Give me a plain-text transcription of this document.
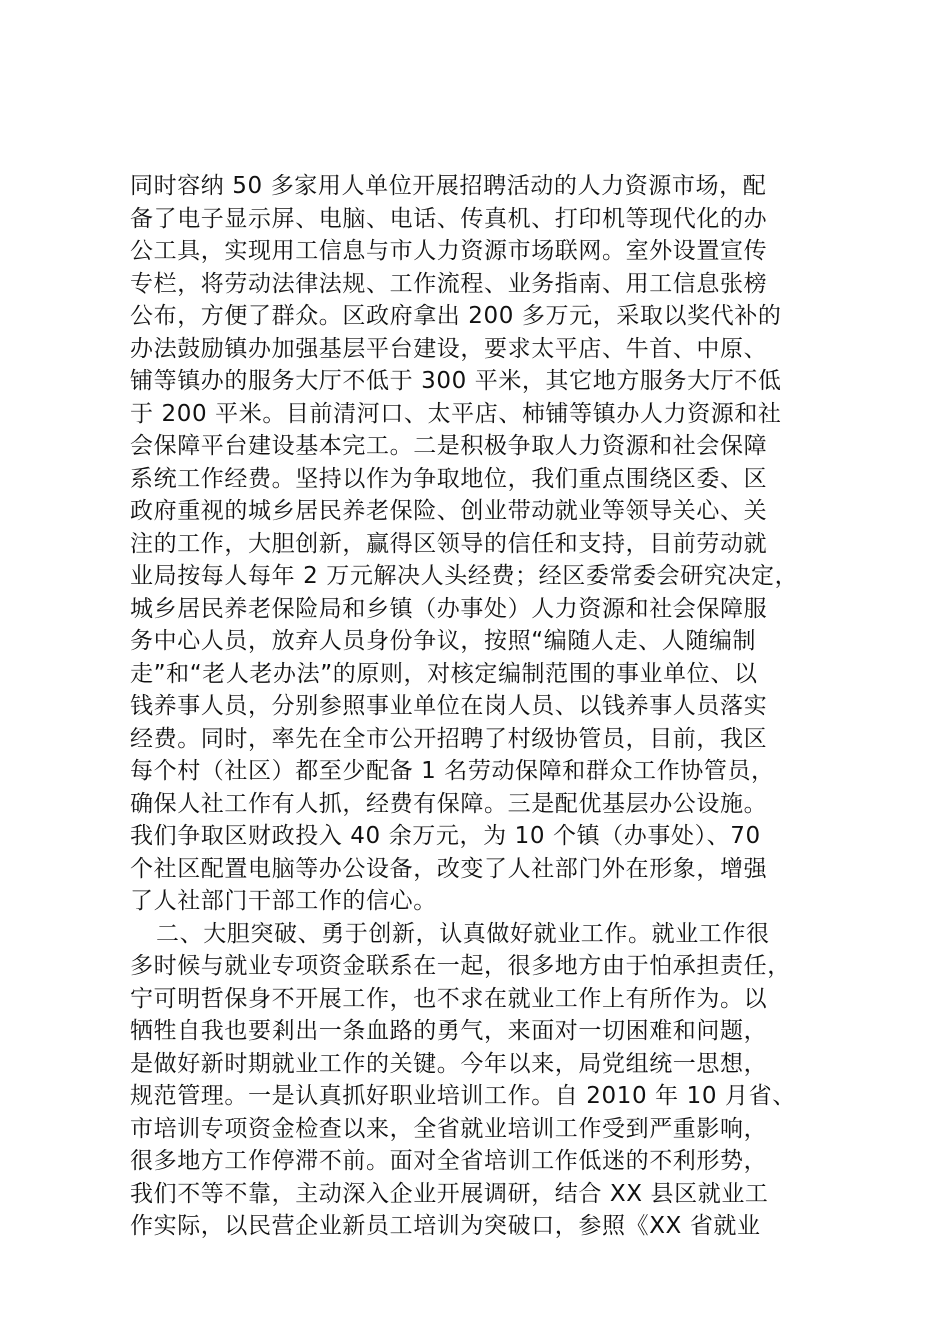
同时容纳 50 多家用人单位开展招聘活动的人力资源市场，配
备了电子显示屏、电脑、电话、传真机、打印机等现代化的办
公工具，实现用工信息与市人力资源市场联网。室外设置宣传
专栏，将劳动法律法规、工作流程、业务指南、用工信息张榜
公布，方便了群众。区政府拿出 200 多万元，采取以奖代补的
办法鼓励镇办加强基层平台建设，要求太平店、牛首、中原、
铺等镇办的服务大厅不低于 300 平米，其它地方服务大厅不低
于 200 平米。目前清河口、太平店、柿铺等镇办人力资源和社
会保障平台建设基本完工。二是积极争取人力资源和社会保障
系统工作经费。坚持以作为争取地位，我们重点围绕区委、区
政府重视的城乡居民养老保险、创业带动就业等领导关心、关
注的工作，大胆创新，赢得区领导的信任和支持，目前劳动就
业局按每人每年 2 万元解决人头经费；经区委常委会研究决定，
城乡居民养老保险局和乡镇（办事处）人力资源和社会保障服
务中心人员，放弃人员身份争议，按照“编随人走、人随编制
走”和“老人老办法”的原则，对核定编制范围的事业单位、以
钱养事人员，分别参照事业单位在岗人员、以钱养事人员落实
经费。同时，率先在全市公开招聘了村级协管员，目前，我区
每个村（社区）都至少配备 1 名劳动保障和群众工作协管员，
确保人社工作有人抓，经费有保障。三是配优基层办公设施。
我们争取区财政投入 40 余万元，为 10 个镇（办事处）、70
个社区配置电脑等办公设备，改变了人社部门外在形象，增强
了人社部门干部工作的信心。
二、大胆突破、勇于创新，认真做好就业工作。就业工作很
多时候与就业专项资金联系在一起，很多地方由于怕承担责任，
宁可明哲保身不开展工作，也不求在就业工作上有所作为。以
牺牲自我也要剎出一条血路的勇气，来面对一切困难和问题，
是做好新时期就业工作的关键。今年以来，局党组统一思想，
规范管理。一是认真抓好职业培训工作。自 2010 年 10 月省、
市培训专项资金检查以来，全省就业培训工作受到严重影响，
很多地方工作停滞不前。面对全省培训工作低迷的不利形势，
我们不等不靠，主动深入企业开展调研，结合 XX 县区就业工
作实际，以民营企业新员工培训为突破口，参照《XX 省就业
